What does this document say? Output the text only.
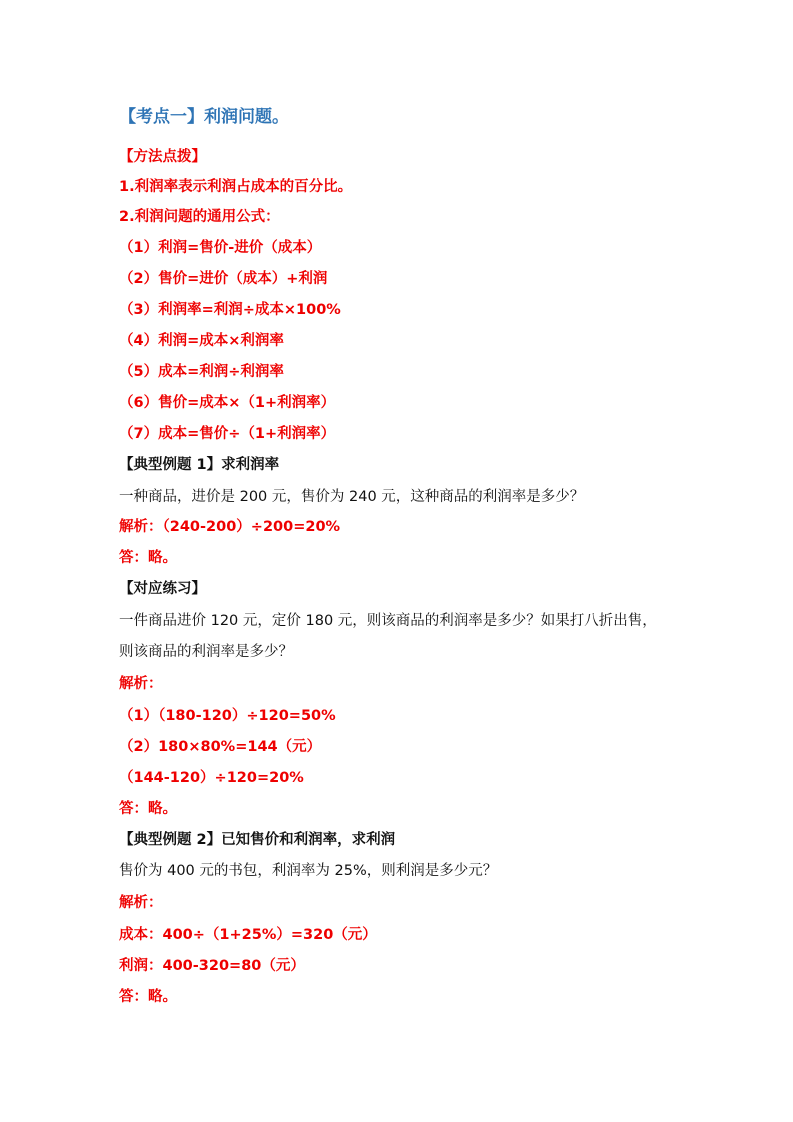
【考点一】利润问题。
【方法点拨】
1.利润率表示利润占成本的百分比。
2.利润问题的通用公式：
（1）利润=售价-进价（成本）
（2）售价=进价（成本）+利润
（3）利润率=利润÷成本×100%
（4）利润=成本×利润率
（5）成本=利润÷利润率
（6）售价=成本×（1+利润率）
（7）成本=售价÷（1+利润率）
【典型例题 1】求利润率
一种商品，进价是 200 元，售价为 240 元，这种商品的利润率是多少？
解析：（240-200）÷200=20%
答：略。
【对应练习】
一件商品进价 120 元，定价 180 元，则该商品的利润率是多少？如果打八折出售，
则该商品的利润率是多少？
解析：
（1）（180-120）÷120=50%
（2）180×80%=144（元）
（144-120）÷120=20%
答：略。
【典型例题 2】已知售价和利润率，求利润
售价为 400 元的书包，利润率为 25%，则利润是多少元？
解析：
成本：400÷（1+25%）=320（元）
利润：400-320=80（元）
答：略。
